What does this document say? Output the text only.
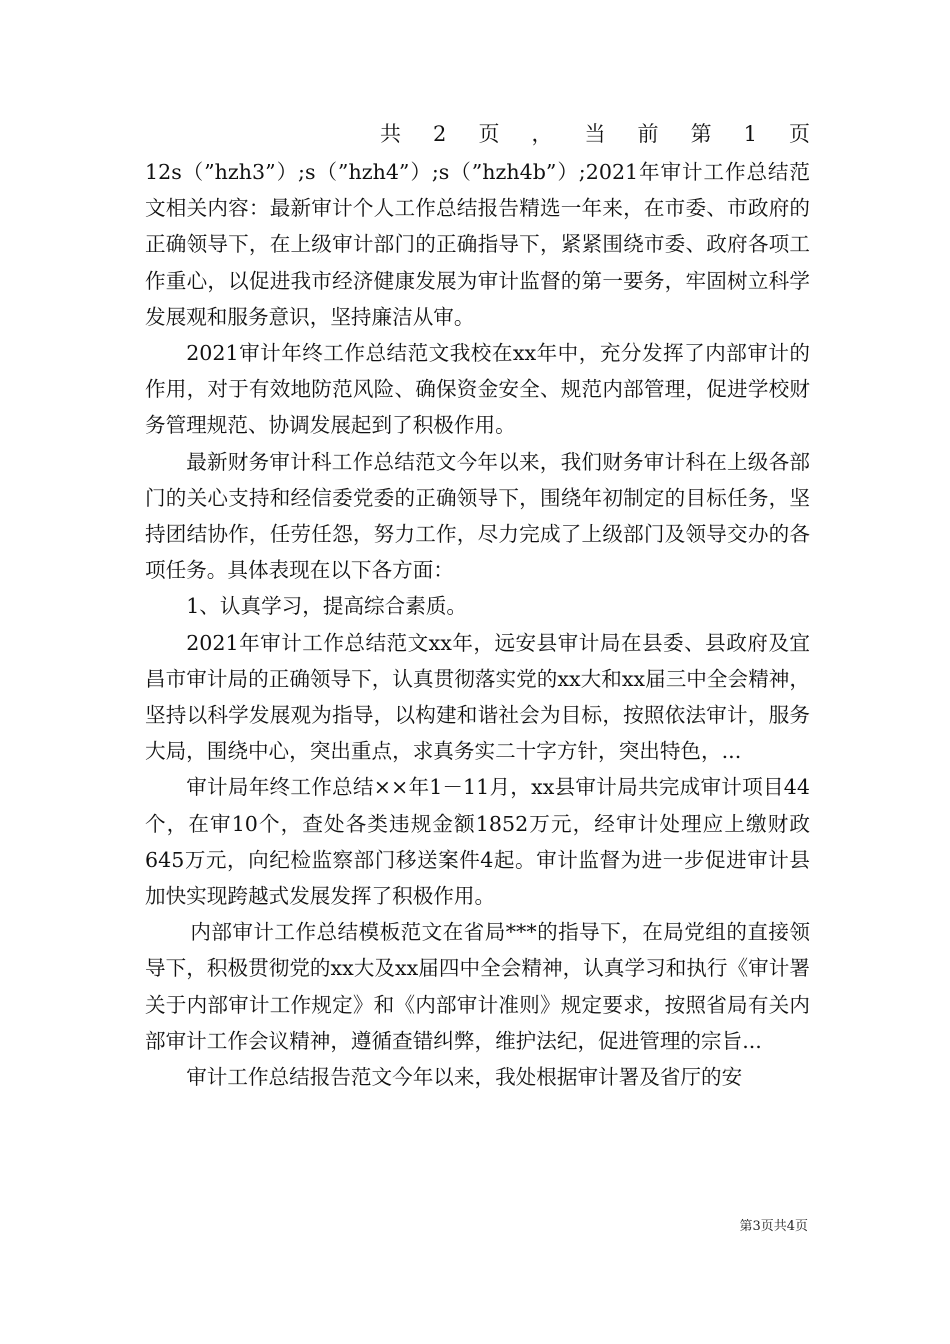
共 2 页 ， 当 前 第 1 页

12s（”hzh3”）;s（”hzh4”）;s（”hzh4b”）;2021年审计工作总结范文相关内容：最新审计个人工作总结报告精选一年来，在市委、市政府的正确领导下，在上级审计部门的正确指导下，紧紧围绕市委、政府各项工作重心，以促进我市经济健康发展为审计监督的第一要务，牢固树立科学发展观和服务意识，坚持廉洁从审。

2021审计年终工作总结范文我校在xx年中，充分发挥了内部审计的作用，对于有效地防范风险、确保资金安全、规范内部管理，促进学校财务管理规范、协调发展起到了积极作用。

最新财务审计科工作总结范文今年以来，我们财务审计科在上级各部门的关心支持和经信委党委的正确领导下，围绕年初制定的目标任务，坚持团结协作，任劳任怨，努力工作，尽力完成了上级部门及领导交办的各项任务。具体表现在以下各方面：

1、认真学习，提高综合素质。

2021年审计工作总结范文xx年，远安县审计局在县委、县政府及宜昌市审计局的正确领导下，认真贯彻落实党的xx大和xx届三中全会精神，坚持以科学发展观为指导，以构建和谐社会为目标，按照依法审计，服务大局，围绕中心，突出重点，求真务实二十字方针，突出特色，...

审计局年终工作总结××年1－11月，xx县审计局共完成审计项目44个，在审10个，查处各类违规金额1852万元，经审计处理应上缴财政645万元，向纪检监察部门移送案件4起。审计监督为进一步促进审计县加快实现跨越式发展发挥了积极作用。

内部审计工作总结模板范文在省局***的指导下，在局党组的直接领导下，积极贯彻党的xx大及xx届四中全会精神，认真学习和执行《审计署关于内部审计工作规定》和《内部审计准则》规定要求，按照省局有关内部审计工作会议精神，遵循查错纠弊，维护法纪，促进管理的宗旨...

审计工作总结报告范文今年以来，我处根据审计署及省厅的安

第3页共4页
